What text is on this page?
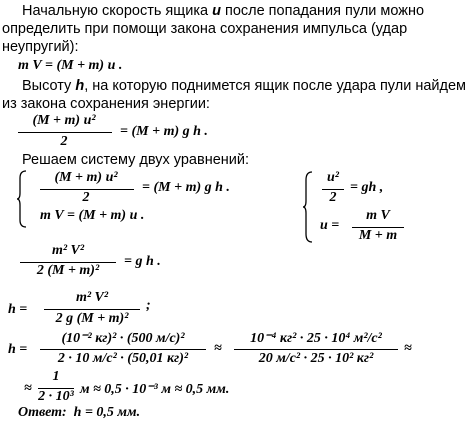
Начальную скорость ящика u после попадания пули можно
определить при помощи закона сохранения импульса (удар
неупругий):
m V = (M + m) u .
Высоту h, на которую поднимется ящик после удара пули найдем
из закона сохранения энергии:
(M + m) u²
2
= (M + m) g h .
Решаем систему двух уравнений:
(M + m) u²
2
= (M + m) g h .
m V = (M + m) u .
u²
2
= gh ,
u =
m V
M + m
m² V²
2 (M + m)²
= g h .
h =
m² V²
2 g (M + m)²
;
h =
(10⁻² кг)² · (500 м/с)²
2 · 10 м/с² · (50,01 кг)²
≈
10⁻⁴ кг² · 25 · 10⁴ м²/с²
20 м/с² · 25 · 10² кг²
≈
≈
1
2 · 10³ м ≈ 0,5 · 10⁻³ м ≈ 0,5 мм.
Ответ: h = 0,5 мм.
